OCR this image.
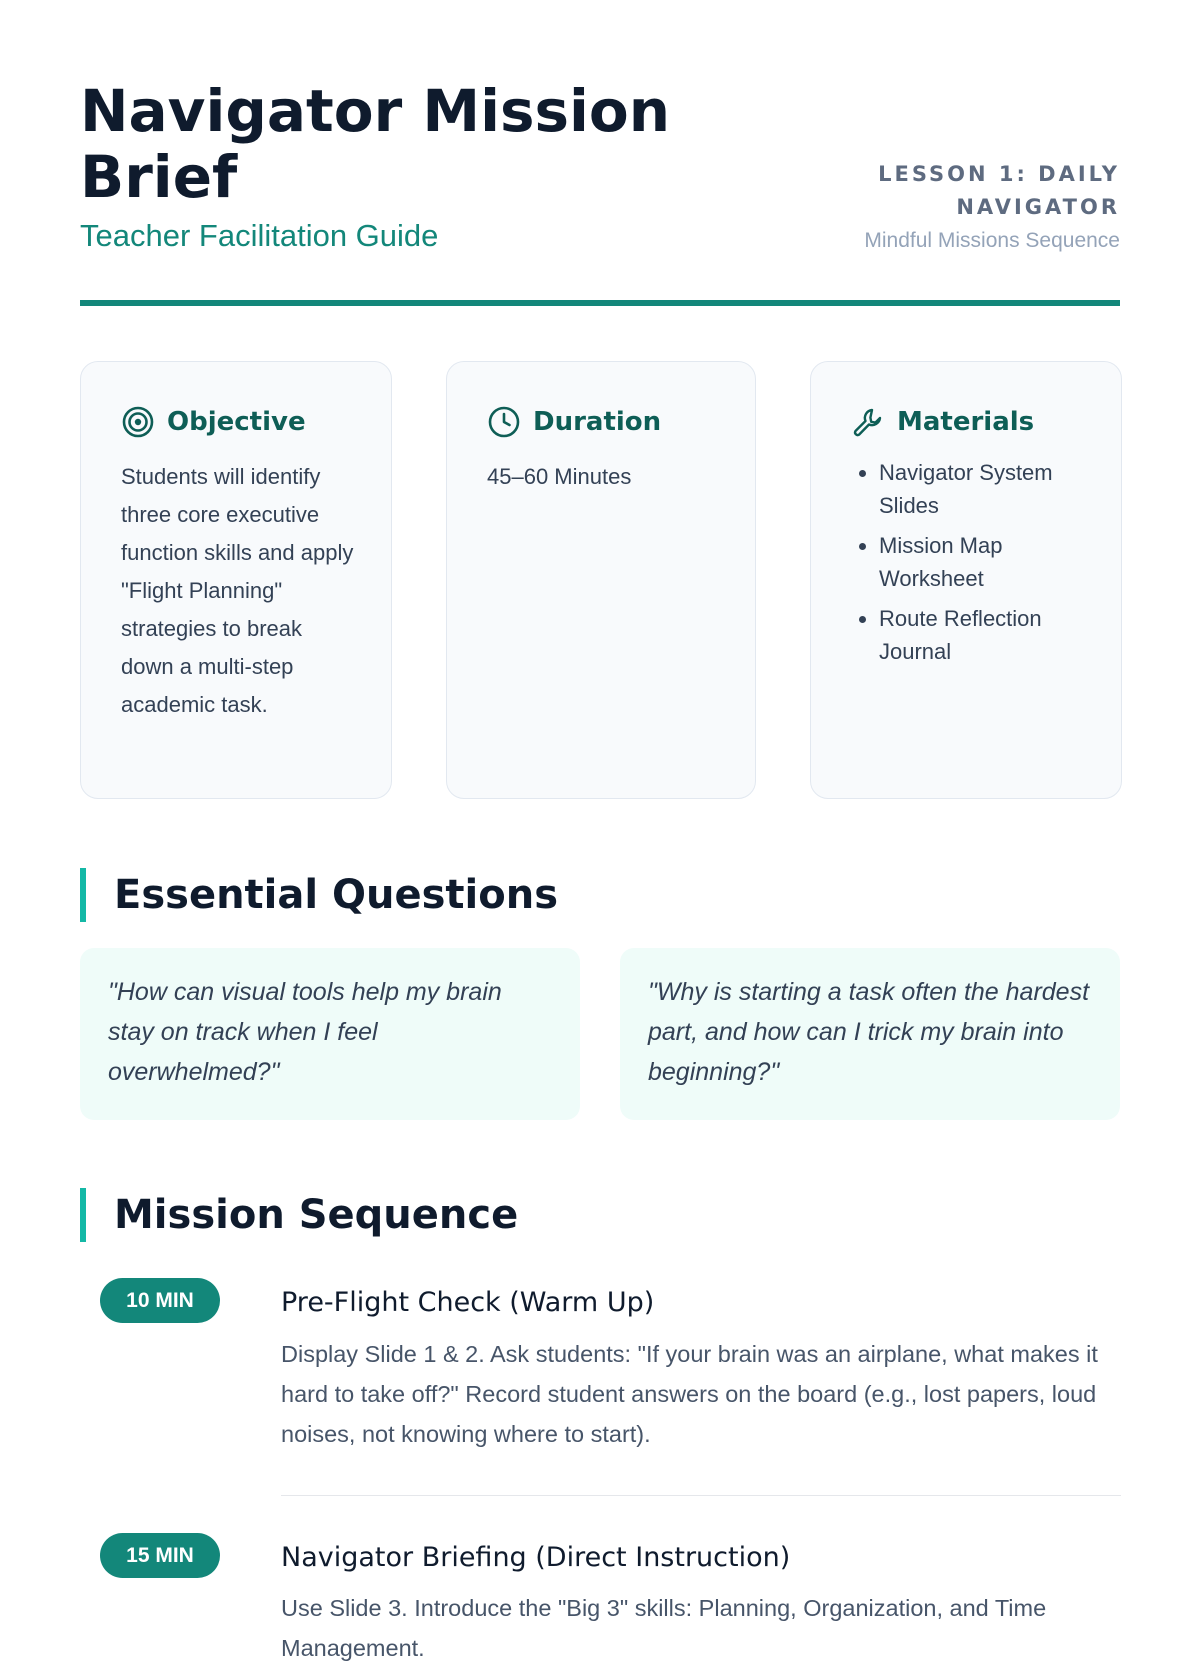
Navigator Mission Brief
Teacher Facilitation Guide
LESSON 1: DAILY NAVIGATOR
Mindful Missions Sequence
Objective
Students will identify three core executive function skills and apply "Flight Planning" strategies to break down a multi-step academic task.
Duration
45–60 Minutes
Materials
• Navigator System Slides
• Mission Map Worksheet
• Route Reflection Journal
Essential Questions
"How can visual tools help my brain stay on track when I feel overwhelmed?"
"Why is starting a task often the hardest part, and how can I trick my brain into beginning?"
Mission Sequence
10 MIN	Pre-Flight Check (Warm Up)
Display Slide 1 & 2. Ask students: "If your brain was an airplane, what makes it hard to take off?" Record student answers on the board (e.g., lost papers, loud noises, not knowing where to start).
15 MIN	Navigator Briefing (Direct Instruction)
Use Slide 3. Introduce the "Big 3" skills: Planning, Organization, and Time Management.
